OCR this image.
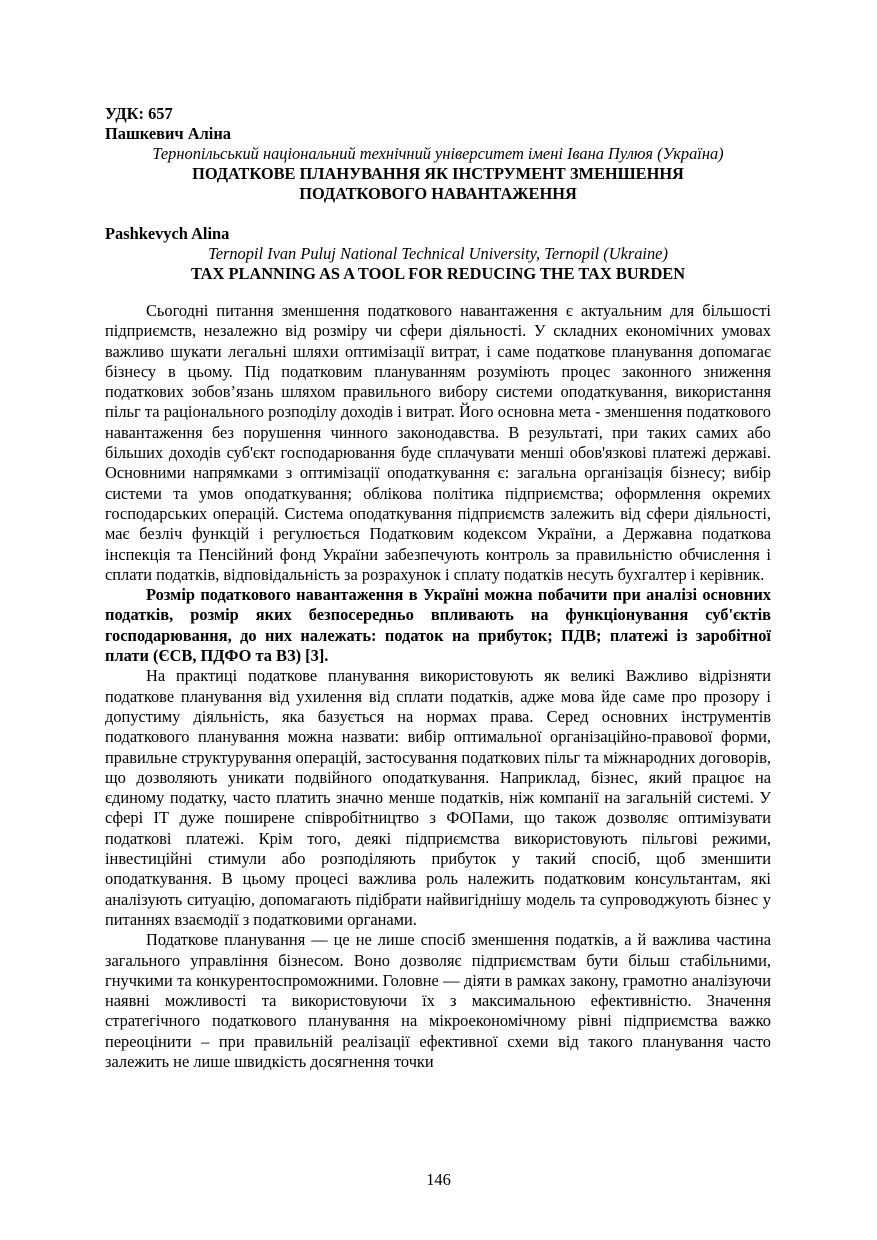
УДК: 657
Пашкевич Аліна
Тернопільський національний технічний університет імені Івана Пулюя (Україна)
ПОДАТКОВЕ ПЛАНУВАННЯ ЯК ІНСТРУМЕНТ ЗМЕНШЕННЯ
ПОДАТКОВОГО НАВАНТАЖЕННЯ
Pashkevych Alina
Ternopil Ivan Puluj National Technical University, Ternopil (Ukraine)
TAX PLANNING AS A TOOL FOR REDUCING THE TAX BURDEN

Сьогодні питання зменшення податкового навантаження є актуальним для більшості підприємств, незалежно від розміру чи сфери діяльності. У складних економічних умовах важливо шукати легальні шляхи оптимізації витрат, і саме податкове планування допомагає бізнесу в цьому. Під податковим плануванням розуміють процес законного зниження податкових зобов’язань шляхом правильного вибору системи оподаткування, використання пільг та раціонального розподілу доходів і витрат. Його основна мета - зменшення податкового навантаження без порушення чинного законодавства. В результаті, при таких самих або більших доходів суб'єкт господарювання буде сплачувати менші обов'язкові платежі державі. Основними напрямками з оптимізації оподаткування є: загальна організація бізнесу; вибір системи та умов оподаткування; облікова політика підприємства; оформлення окремих господарських операцій. Система оподаткування підприємств залежить від сфери діяльності, має безліч функцій і регулюється Податковим кодексом України, а Державна податкова інспекція та Пенсійний фонд України забезпечують контроль за правильністю обчислення і сплати податків, відповідальність за розрахунок і сплату податків несуть бухгалтер і керівник.

Розмір податкового навантаження в Україні можна побачити при аналізі основних податків, розмір яких безпосередньо впливають на функціонування суб'єктів господарювання, до них належать: податок на прибуток; ПДВ; платежі із заробітної плати (ЄСВ, ПДФО та ВЗ) [3].

На практиці податкове планування використовують як великі Важливо відрізняти податкове планування від ухилення від сплати податків, адже мова йде саме про прозору і допустиму діяльність, яка базується на нормах права. Серед основних інструментів податкового планування можна назвати: вибір оптимальної організаційно-правової форми, правильне структурування операцій, застосування податкових пільг та міжнародних договорів, що дозволяють уникати подвійного оподаткування. Наприклад, бізнес, який працює на єдиному податку, часто платить значно менше податків, ніж компанії на загальній системі. У сфері ІТ дуже поширене співробітництво з ФОПами, що також дозволяє оптимізувати податкові платежі. Крім того, деякі підприємства використовують пільгові режими, інвестиційні стимули або розподіляють прибуток у такий спосіб, щоб зменшити оподаткування. В цьому процесі важлива роль належить податковим консультантам, які аналізують ситуацію, допомагають підібрати найвигіднішу модель та супроводжують бізнес у питаннях взаємодії з податковими органами.

Податкове планування — це не лише спосіб зменшення податків, а й важлива частина загального управління бізнесом. Воно дозволяє підприємствам бути більш стабільними, гнучкими та конкурентоспроможними. Головне — діяти в рамках закону, грамотно аналізуючи наявні можливості та використовуючи їх з максимальною ефективністю. Значення стратегічного податкового планування на мікроекономічному рівні підприємства важко переоцінити – при правильній реалізації ефективної схеми від такого планування часто залежить не лише швидкість досягнення точки

146
